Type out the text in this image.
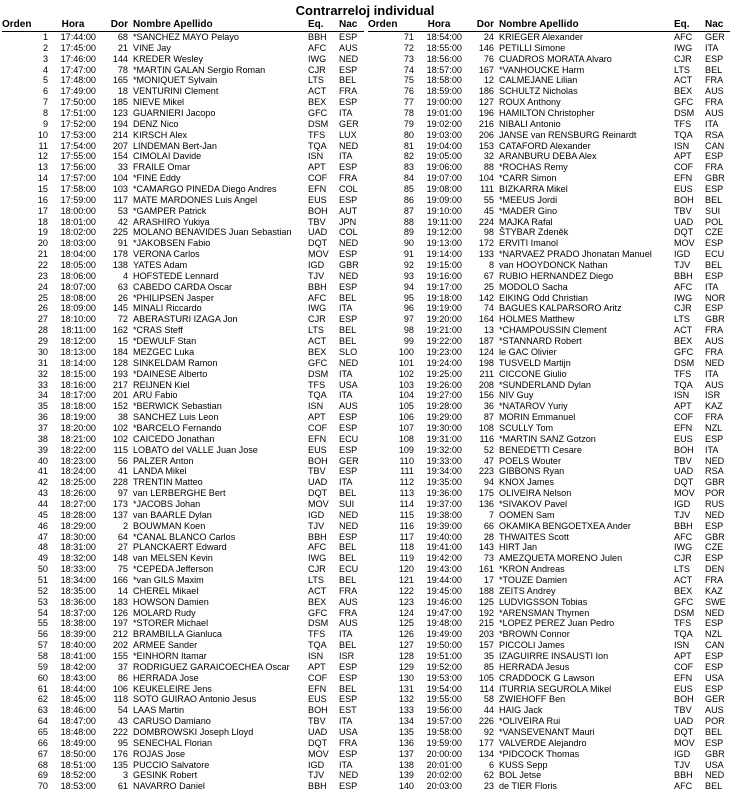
Contrarreloj individual
Orden	Hora	Dor Nombre Apellido	Eq.	Nac
1	17:44:00	68 *SANCHEZ MAYO Pelayo	BBH	ESP
2	17:45:00	21 VINE Jay	AFC	AUS
3	17:46:00	144 KREDER Wesley	IWG	NED
4	17:47:00	78 *MARTIN GALAN Sergio Roman	CJR	ESP
5	17:48:00	165 *MONIQUET Sylvain	LTS	BEL
6	17:49:00	18 VENTURINI Clement	ACT	FRA
7	17:50:00	185 NIEVE Mikel	BEX	ESP
8	17:51:00	123 GUARNIERI Jacopo	GFC	ITA
9	17:52:00	194 DENZ Nico	DSM	GER
10	17:53:00	214 KIRSCH Alex	TFS	LUX
11	17:54:00	207 LINDEMAN Bert-Jan	TQA	NED
12	17:55:00	154 CIMOLAI Davide	ISN	ITA
13	17:56:00	33 FRAILE Omar	APT	ESP
14	17:57:00	104 *FINE Eddy	COF	FRA
15	17:58:00	103 *CAMARGO PINEDA Diego Andres	EFN	COL
16	17:59:00	117 MATE MARDONES Luis Angel	EUS	ESP
17	18:00:00	53 *GAMPER Patrick	BOH	AUT
18	18:01:00	42 ARASHIRO Yukiya	TBV	JPN
19	18:02:00	225 MOLANO BENAVIDES Juan Sebastian	UAD	COL
20	18:03:00	91 *JAKOBSEN Fabio	DQT	NED
21	18:04:00	178 VERONA Carlos	MOV	ESP
22	18:05:00	138 YATES Adam	IGD	GBR
23	18:06:00	4 HOFSTEDE Lennard	TJV	NED
24	18:07:00	63 CABEDO CARDA Oscar	BBH	ESP
25	18:08:00	26 *PHILIPSEN Jasper	AFC	BEL
26	18:09:00	145 MINALI Riccardo	IWG	ITA
27	18:10:00	72 ABERASTURI IZAGA Jon	CJR	ESP
28	18:11:00	162 *CRAS Steff	LTS	BEL
29	18:12:00	15 *DEWULF Stan	ACT	BEL
30	18:13:00	184 MEZGEC Luka	BEX	SLO
31	18:14:00	128 SINKELDAM Ramon	GFC	NED
32	18:15:00	193 *DAINESE Alberto	DSM	ITA
33	18:16:00	217 REIJNEN Kiel	TFS	USA
34	18:17:00	201 ARU Fabio	TQA	ITA
35	18:18:00	152 *BERWICK Sebastian	ISN	AUS
36	18:19:00	38 SANCHEZ Luis Leon	APT	ESP
37	18:20:00	102 *BARCELO Fernando	COF	ESP
38	18:21:00	102 CAICEDO Jonathan	EFN	ECU
39	18:22:00	115 LOBATO del VALLE Juan Jose	EUS	ESP
40	18:23:00	56 PALZER Anton	BOH	GER
41	18:24:00	41 LANDA Mikel	TBV	ESP
42	18:25:00	228 TRENTIN Matteo	UAD	ITA
43	18:26:00	97 van LERBERGHE Bert	DQT	BEL
44	18:27:00	173 *JACOBS Johan	MOV	SUI
45	18:28:00	137 van BAARLE Dylan	IGD	NED
46	18:29:00	2 BOUWMAN Koen	TJV	NED
47	18:30:00	64 *CANAL BLANCO Carlos	BBH	ESP
48	18:31:00	27 PLANCKAERT Edward	AFC	BEL
49	18:32:00	148 van MELSEN Kevin	IWG	BEL
50	18:33:00	75 *CEPEDA Jefferson	CJR	ECU
51	18:34:00	166 *van GILS Maxim	LTS	BEL
52	18:35:00	14 CHEREL Mikael	ACT	FRA
53	18:36:00	183 HOWSON Damien	BEX	AUS
54	18:37:00	126 MOLARD Rudy	GFC	FRA
55	18:38:00	197 *STORER Michael	DSM	AUS
56	18:39:00	212 BRAMBILLA Gianluca	TFS	ITA
57	18:40:00	202 ARMEE Sander	TQA	BEL
58	18:41:00	155 *EINHORN Itamar	ISN	ISR
59	18:42:00	37 RODRIGUEZ GARAICOECHEA Oscar	APT	ESP
60	18:43:00	86 HERRADA Jose	COF	ESP
61	18:44:00	106 KEUKELEIRE Jens	EFN	BEL
62	18:45:00	118 SOTO GUIRAO Antonio Jesus	EUS	ESP
63	18:46:00	54 LAAS Martin	BOH	EST
64	18:47:00	43 CARUSO Damiano	TBV	ITA
65	18:48:00	222 DOMBROWSKI Joseph Lloyd	UAD	USA
66	18:49:00	95 SENECHAL Florian	DQT	FRA
67	18:50:00	176 ROJAS Jose	MOV	ESP
68	18:51:00	135 PUCCIO Salvatore	IGD	ITA
69	18:52:00	3 GESINK Robert	TJV	NED
70	18:53:00	61 NAVARRO Daniel	BBH	ESP
Orden	Hora	Dor Nombre Apellido	Eq.	Nac
71	18:54:00	24 KRIEGER Alexander	AFC	GER
72	18:55:00	146 PETILLI Simone	IWG	ITA
73	18:56:00	76 CUADROS MORATA Alvaro	CJR	ESP
74	18:57:00	167 *VANHOUCKE Harm	LTS	BEL
75	18:58:00	12 CALMEJANE Lilian	ACT	FRA
76	18:59:00	186 SCHULTZ Nicholas	BEX	AUS
77	19:00:00	127 ROUX Anthony	GFC	FRA
78	19:01:00	196 HAMILTON Christopher	DSM	AUS
79	19:02:00	216 NIBALI Antonio	TFS	ITA
80	19:03:00	206 JANSE van RENSBURG Reinardt	TQA	RSA
81	19:04:00	153 CATAFORD Alexander	ISN	CAN
82	19:05:00	32 ARANBURU DEBA Alex	APT	ESP
83	19:06:00	88 *ROCHAS Remy	COF	FRA
84	19:07:00	104 *CARR Simon	EFN	GBR
85	19:08:00	111 BIZKARRA Mikel	EUS	ESP
86	19:09:00	55 *MEEUS Jordi	BOH	BEL
87	19:10:00	45 *MADER Gino	TBV	SUI
88	19:11:00	224 MAJKA Rafal	UAD	POL
89	19:12:00	98 ŠTYBAR Zdeněk	DQT	CZE
90	19:13:00	172 ERVITI Imanol	MOV	ESP
91	19:14:00	133 *NARVAEZ PRADO Jhonatan Manuel	IGD	ECU
92	19:15:00	8 van HOOYDONCK Nathan	TJV	BEL
93	19:16:00	67 RUBIO HERNANDEZ Diego	BBH	ESP
94	19:17:00	25 MODOLO Sacha	AFC	ITA
95	19:18:00	142 EIKING Odd Christian	IWG	NOR
96	19:19:00	74 BAGUES KALPARSORO Aritz	CJR	ESP
97	19:20:00	164 HOLMES Matthew	LTS	GBR
98	19:21:00	13 *CHAMPOUSSIN Clement	ACT	FRA
99	19:22:00	187 *STANNARD Robert	BEX	AUS
100	19:23:00	124 le GAC Olivier	GFC	FRA
101	19:24:00	198 TUSVELD Martijn	DSM	NED
102	19:25:00	211 CICCONE Giulio	TFS	ITA
103	19:26:00	208 *SUNDERLAND Dylan	TQA	AUS
104	19:27:00	156 NIV Guy	ISN	ISR
105	19:28:00	36 *NATAROV Yuriy	APT	KAZ
106	19:29:00	87 MORIN Emmanuel	COF	FRA
107	19:30:00	108 SCULLY Tom	EFN	NZL
108	19:31:00	116 *MARTIN SANZ Gotzon	EUS	ESP
109	19:32:00	52 BENEDETTI Cesare	BOH	ITA
110	19:33:00	47 POELS Wouter	TBV	NED
111	19:34:00	223 GIBBONS Ryan	UAD	RSA
112	19:35:00	94 KNOX James	DQT	GBR
113	19:36:00	175 OLIVEIRA Nelson	MOV	POR
114	19:37:00	136 *SIVAKOV Pavel	IGD	RUS
115	19:38:00	7 OOMEN Sam	TJV	NED
116	19:39:00	66 OKAMIKA BENGOETXEA Ander	BBH	ESP
117	19:40:00	28 THWAITES Scott	AFC	GBR
118	19:41:00	143 HIRT Jan	IWG	CZE
119	19:42:00	73 AMEZQUETA MORENO Julen	CJR	ESP
120	19:43:00	161 *KRON Andreas	LTS	DEN
121	19:44:00	17 *TOUZE Damien	ACT	FRA
122	19:45:00	188 ZEITS Andrey	BEX	KAZ
123	19:46:00	125 LUDVIGSSON Tobias	GFC	SWE
124	19:47:00	192 *ARENSMAN Thymen	DSM	NED
125	19:48:00	215 *LOPEZ PEREZ Juan Pedro	TFS	ESP
126	19:49:00	203 *BROWN Connor	TQA	NZL
127	19:50:00	157 PICCOLI James	ISN	CAN
128	19:51:00	35 IZAGUIRRE INSAUSTI Ion	APT	ESP
129	19:52:00	85 HERRADA Jesus	COF	ESP
130	19:53:00	105 CRADDOCK G Lawson	EFN	USA
131	19:54:00	114 ITURRIA SEGUROLA Mikel	EUS	ESP
132	19:55:00	58 ZWIEHOFF Ben	BOH	GER
133	19:56:00	44 HAIG Jack	TBV	AUS
134	19:57:00	226 *OLIVEIRA Rui	UAD	POR
135	19:58:00	92 *VANSEVENANT Mauri	DQT	BEL
136	19:59:00	177 VALVERDE Alejandro	MOV	ESP
137	20:00:00	134 *PIDCOCK Thomas	IGD	GBR
138	20:01:00	6 KUSS Sepp	TJV	USA
139	20:02:00	62 BOL Jetse	BBH	NED
140	20:03:00	23 de TIER Floris	AFC	BEL
